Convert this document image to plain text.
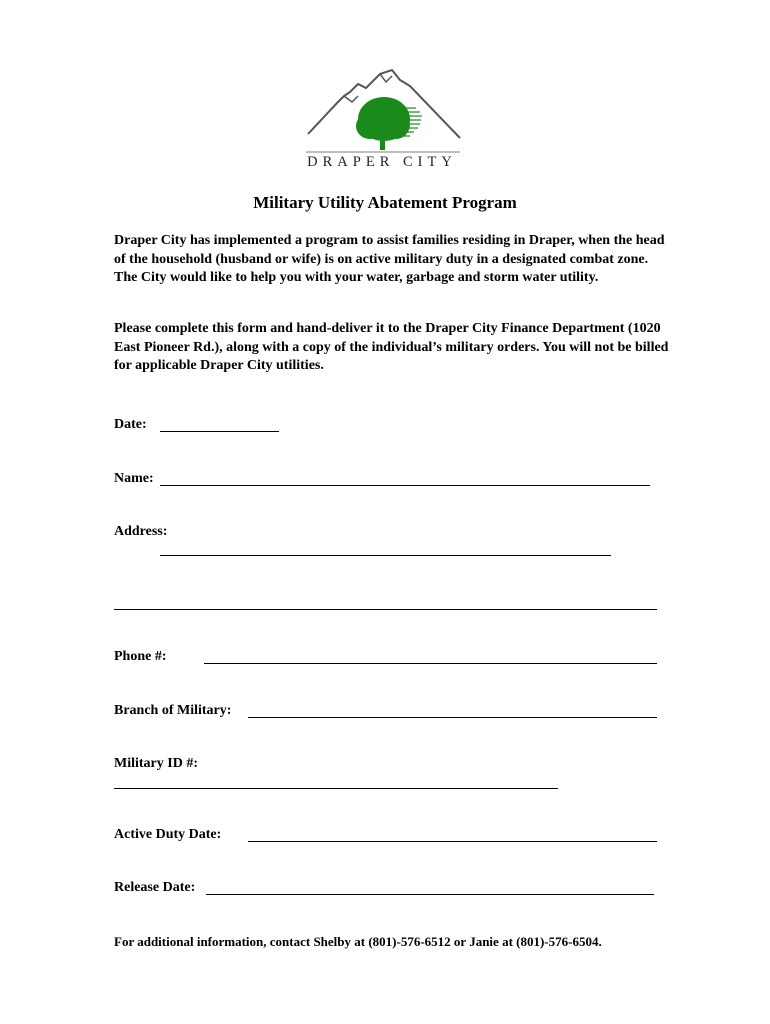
DRAPER CITY
Military Utility Abatement Program
Draper City has implemented a program to assist families residing in Draper, when the head of the household (husband or wife) is on active military duty in a designated combat zone. The City would like to help you with your water, garbage and storm water utility.
Please complete this form and hand-deliver it to the Draper City Finance Department (1020 East Pioneer Rd.), along with a copy of the individual’s military orders. You will not be billed for applicable Draper City utilities.
Date:
Name:
Address:
Phone #:
Branch of Military:
Military ID #:
Active Duty Date:
Release Date:
For additional information, contact Shelby at (801)-576-6512 or Janie at (801)-576-6504.
